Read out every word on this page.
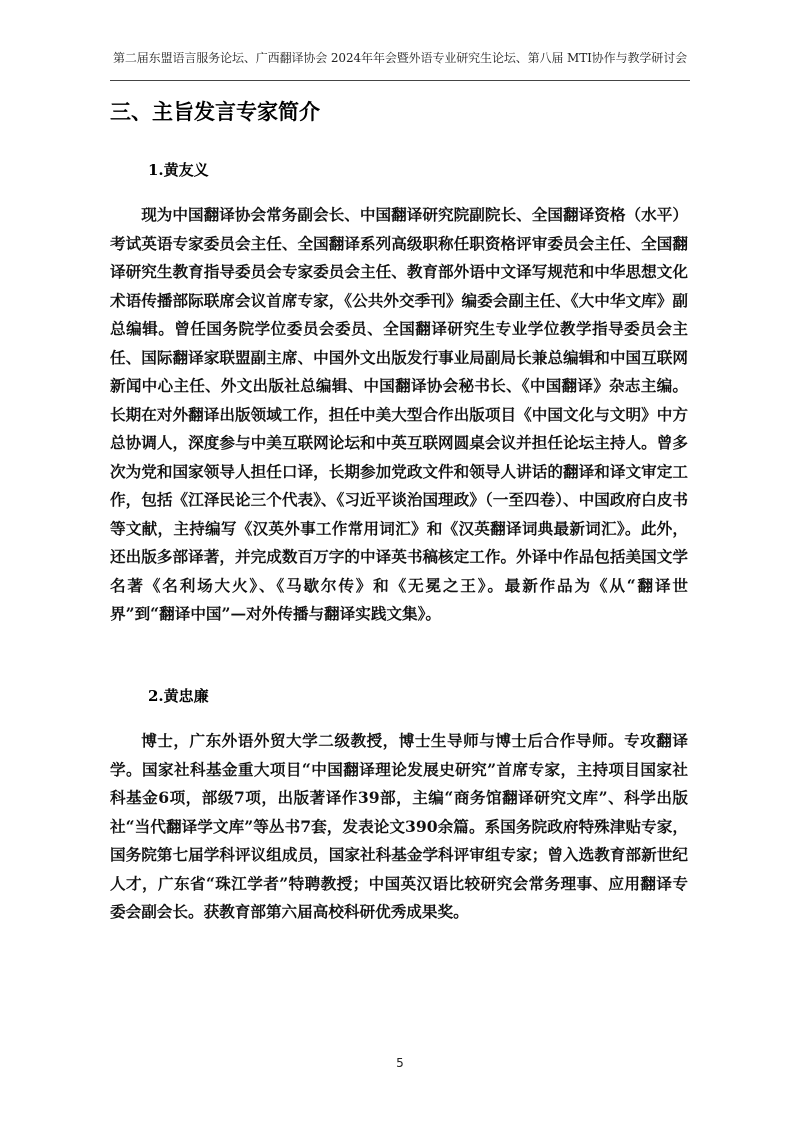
第二届东盟语言服务论坛、广西翻译协会 2024年年会暨外语专业研究生论坛、第八届 MTI协作与教学研讨会
三、主旨发言专家简介

1.黄友义

现为中国翻译协会常务副会长、中国翻译研究院副院长、全国翻译资格（水平）考试英语专家委员会主任、全国翻译系列高级职称任职资格评审委员会主任、全国翻译研究生教育指导委员会专家委员会主任、教育部外语中文译写规范和中华思想文化术语传播部际联席会议首席专家，《公共外交季刊》编委会副主任、《大中华文库》副总编辑。曾任国务院学位委员会委员、全国翻译研究生专业学位教学指导委员会主任、国际翻译家联盟副主席、中国外文出版发行事业局副局长兼总编辑和中国互联网新闻中心主任、外文出版社总编辑、中国翻译协会秘书长、《中国翻译》杂志主编。长期在对外翻译出版领域工作，担任中美大型合作出版项目《中国文化与文明》中方总协调人，深度参与中美互联网论坛和中英互联网圆桌会议并担任论坛主持人。曾多次为党和国家领导人担任口译，长期参加党政文件和领导人讲话的翻译和译文审定工作，包括《江泽民论三个代表》、《习近平谈治国理政》（一至四卷）、中国政府白皮书等文献，主持编写《汉英外事工作常用词汇》和《汉英翻译词典最新词汇》。此外，还出版多部译著，并完成数百万字的中译英书稿核定工作。外译中作品包括美国文学名著《名利场大火》、《马歇尔传》和《无冕之王》。最新作品为《从“翻译世界”到“翻译中国”—对外传播与翻译实践文集》。

2.黄忠廉

博士，广东外语外贸大学二级教授，博士生导师与博士后合作导师。专攻翻译学。国家社科基金重大项目“中国翻译理论发展史研究”首席专家，主持项目国家社科基金6项，部级7项，出版著译作39部，主编“商务馆翻译研究文库”、科学出版社“当代翻译学文库”等丛书7套，发表论文390余篇。系国务院政府特殊津贴专家，国务院第七届学科评议组成员，国家社科基金学科评审组专家；曾入选教育部新世纪人才，广东省“珠江学者”特聘教授；中国英汉语比较研究会常务理事、应用翻译专委会副会长。获教育部第六届高校科研优秀成果奖。

5
